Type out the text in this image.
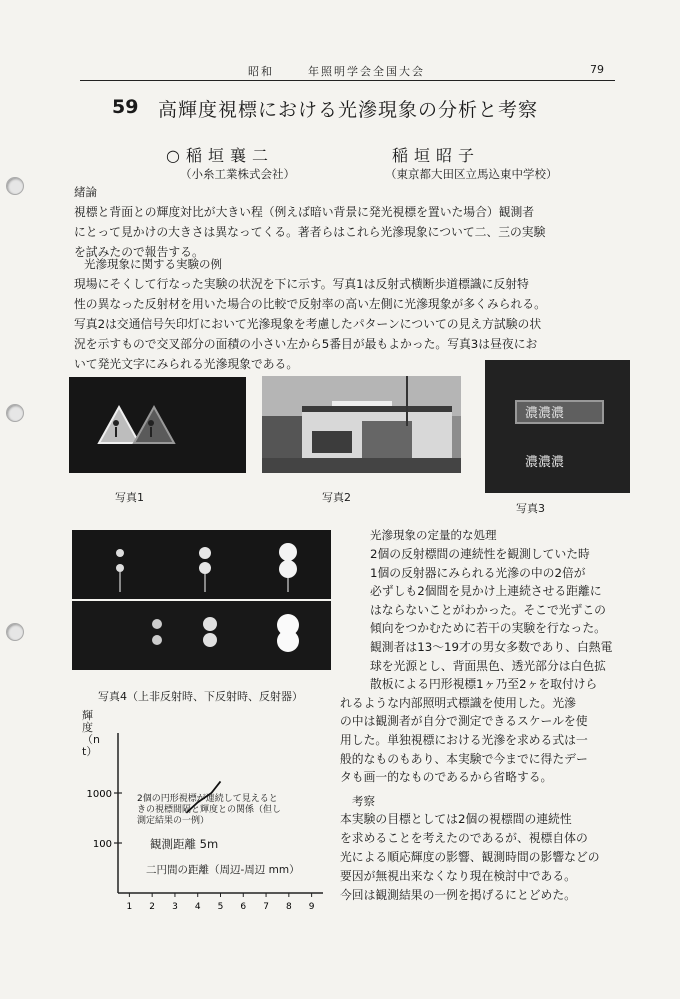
昭和	年照明学会全国大会	79
59 高輝度視標における光滲現象の分析と考察
○稲垣襄二
（小糸工業株式会社）
稲垣昭子
（東京都大田区立馬込東中学校）
緒論
視標と背面との輝度対比が大きい程（例えば暗い背景に発光視標を置いた場合）観測者
にとって見かけの大きさは異なってくる。著者らはこれら光滲現象について二、三の実験
を試みたので報告する。
光滲現象に関する実験の例
現場にそくして行なった実験の状況を下に示す。写真1は反射式横断歩道標識に反射特
性の異なった反射材を用いた場合の比較で反射率の高い左側に光滲現象が多くみられる。
写真2は交通信号矢印灯において光滲現象を考慮したパターンについての見え方試験の状
況を示すもので交叉部分の面積の小さい左から5番目が最もよかった。写真3は昼夜にお
いて発光文字にみられる光滲現象である。
濃濃濃
濃濃濃
写真1	写真2
写真3
写真4（上非反射時、下反射時、反射器）
光滲現象の定量的な処理
2個の反射標間の連続性を観測していた時
1個の反射器にみられる光滲の中の2倍が
必ずしも2個間を見かけ上連続させる距離に
はならないことがわかった。そこで光ずこの
傾向をつかむために若干の実験を行なった。
観測者は13～19才の男女多数であり、白熱電
球を光源とし、背面黒色、透光部分は白色拡
散板による円形視標1ヶ乃至2ヶを取付けら
れるような内部照明式標識を使用した。光滲
の中は観測者が自分で測定できるスケールを使
用した。単独視標における光滲を求める式は一
般的なものもあり、本実験で今までに得たデー
タも画一的なものであるから省略する。
考察
本実験の目標としては2個の視標間の連続性
を求めることを考えたのであるが、視標自体の
光による順応輝度の影響、観測時間の影響などの
要因が無視出来なくなり現在検討中である。
今回は観測結果の一例を掲げるにとどめた。
100
1000
1 2 3 4 5 6 7 8 9
輝度（nt）
2個の円形視標が連続して見えるときの視標間隔と輝度との関係（但し測定結果の一例）
観測距離 5m
二円間の距離（周辺-周辺 mm）
